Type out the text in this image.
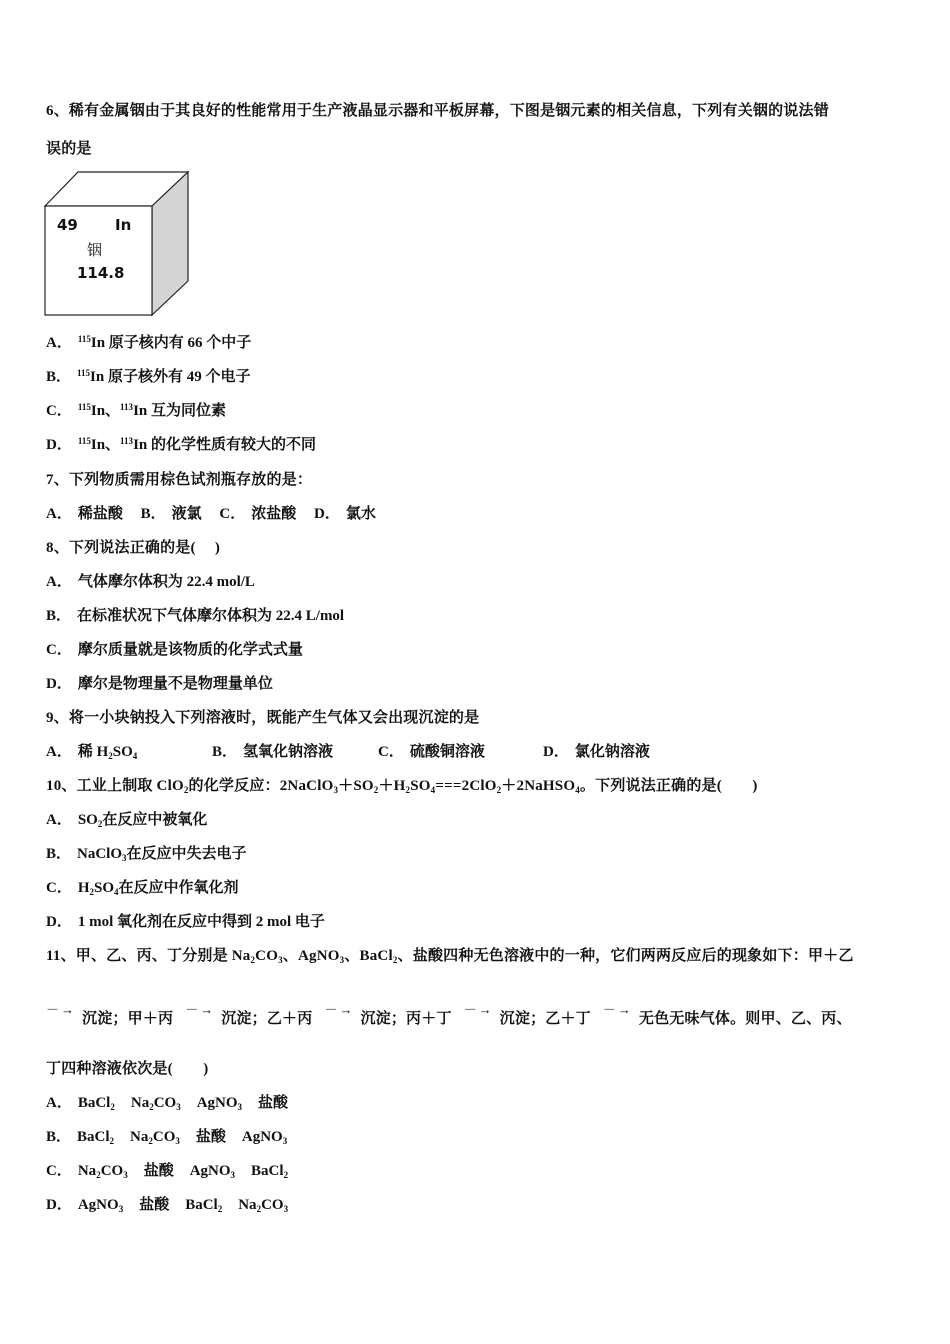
6、稀有金属铟由于其良好的性能常用于生产液晶显示器和平板屏幕，下图是铟元素的相关信息，下列有关铟的说法错
误的是
49 In
铟
114.8
A． $^{115}$In 原子核内有 66 个中子
B． $^{115}$In 原子核外有 49 个电子
C． $^{115}$In、$^{113}$In 互为同位素
D． $^{115}$In、$^{113}$In 的化学性质有较大的不同
7、下列物质需用棕色试剂瓶存放的是：
A． 稀盐酸 B． 液氯 C． 浓盐酸 D． 氯水
8、下列说法正确的是(　 )
A． 气体摩尔体积为 22.4 mol/L
B． 在标准状况下气体摩尔体积为 22.4 L/mol
C． 摩尔质量就是该物质的化学式式量
D． 摩尔是物理量不是物理量单位
9、将一小块钠投入下列溶液时，既能产生气体又会出现沉淀的是
A． 稀 $H_2SO_4$	B． 氢氧化钠溶液	C． 硫酸铜溶液	D． 氯化钠溶液
10、工业上制取 ClO$_2$的化学反应：$2NaClO_3+SO_2+H_2SO_4===2ClO_2+2NaHSO_4$。下列说法正确的是(　　)
A． $SO_2$在反应中被氧化
B． NaClO$_3$在反应中失去电子
C． $H_2SO_4$在反应中作氧化剂
D． 1 mol 氧化剂在反应中得到 2 mol 电子
11、甲、乙、丙、丁分别是 $Na_2CO_3$、AgNO$_3$、BaCl$_2$、盐酸四种无色溶液中的一种，它们两两反应后的现象如下：甲＋乙
－→沉淀；甲＋丙－→沉淀；乙＋丙－→沉淀；丙＋丁－→沉淀；乙＋丁－→无色无味气体。则甲、乙、丙、
丁四种溶液依次是(　　)
A． BaCl$_2$ $Na_2CO_3$ AgNO$_3$ 盐酸
B． BaCl$_2$ $Na_2CO_3$ 盐酸 AgNO$_3$
C． $Na_2CO_3$ 盐酸 AgNO$_3$ BaCl$_2$
D． AgNO$_3$ 盐酸 BaCl$_2$ $Na_2CO_3$
